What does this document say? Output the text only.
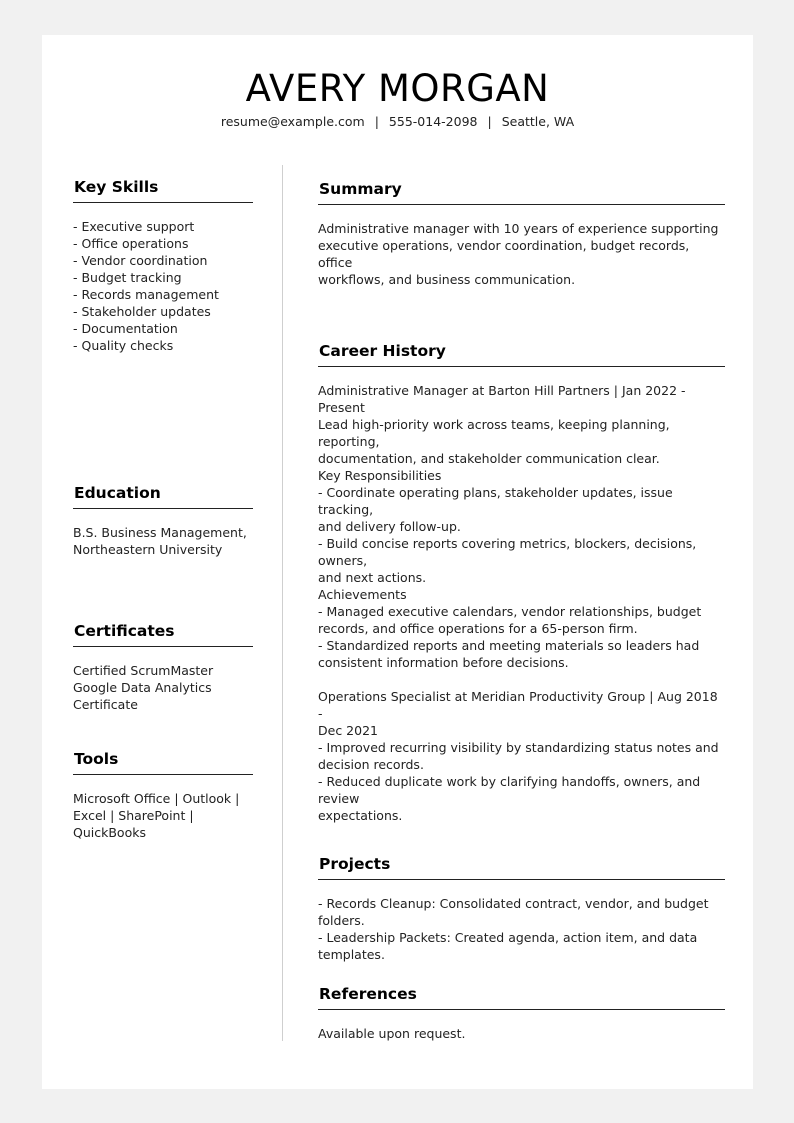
AVERY MORGAN
resume@example.com | 555-014-2098 | Seattle, WA
Key Skills
- Executive support
- Office operations
- Vendor coordination
- Budget tracking
- Records management
- Stakeholder updates
- Documentation
- Quality checks
Education
B.S. Business Management,
Northeastern University
Certificates
Certified ScrumMaster
Google Data Analytics
Certificate
Tools
Microsoft Office | Outlook |
Excel | SharePoint |
QuickBooks
Summary
Administrative manager with 10 years of experience supporting
executive operations, vendor coordination, budget records, office
workflows, and business communication.
Career History
Administrative Manager at Barton Hill Partners | Jan 2022 - Present
Lead high-priority work across teams, keeping planning, reporting,
documentation, and stakeholder communication clear.
Key Responsibilities
- Coordinate operating plans, stakeholder updates, issue tracking,
and delivery follow-up.
- Build concise reports covering metrics, blockers, decisions, owners,
and next actions.
Achievements
- Managed executive calendars, vendor relationships, budget
records, and office operations for a 65-person firm.
- Standardized reports and meeting materials so leaders had
consistent information before decisions.
Operations Specialist at Meridian Productivity Group | Aug 2018 -
Dec 2021
- Improved recurring visibility by standardizing status notes and
decision records.
- Reduced duplicate work by clarifying handoffs, owners, and review
expectations.
Projects
- Records Cleanup: Consolidated contract, vendor, and budget
folders.
- Leadership Packets: Created agenda, action item, and data
templates.
References
Available upon request.
